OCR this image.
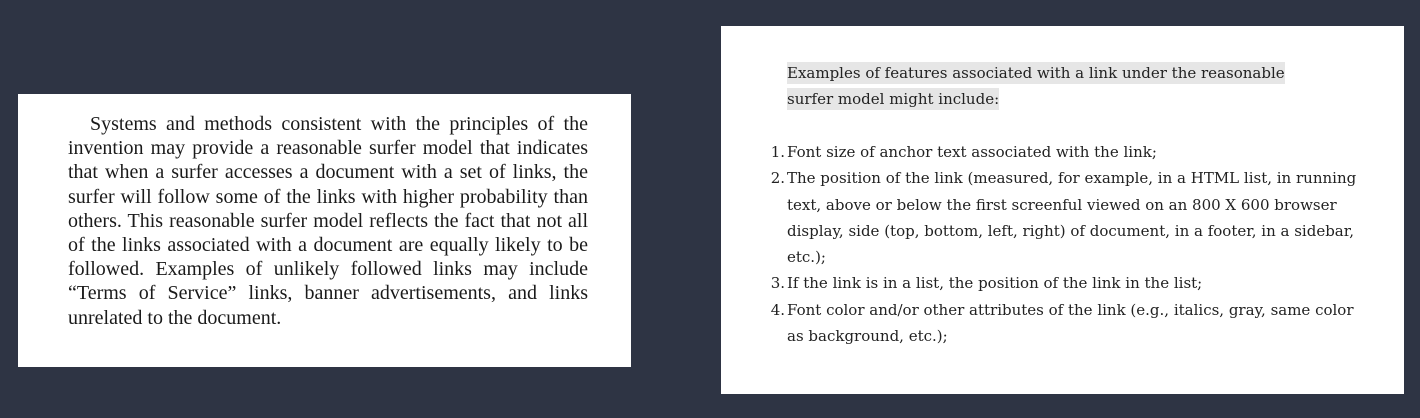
Systems and methods consistent with the principles of the invention may provide a reasonable surfer model that indicates that when a surfer accesses a document with a set of links, the surfer will follow some of the links with higher probability than others. This reasonable surfer model reflects the fact that not all of the links associated with a document are equally likely to be followed. Examples of unlikely followed links may include “Terms of Service” links, banner advertisements, and links unrelated to the document.

Examples of features associated with a link under the reasonable surfer model might include:

1. Font size of anchor text associated with the link;
2. The position of the link (measured, for example, in a HTML list, in running text, above or below the first screenful viewed on an 800 X 600 browser display, side (top, bottom, left, right) of document, in a footer, in a sidebar, etc.);
3. If the link is in a list, the position of the link in the list;
4. Font color and/or other attributes of the link (e.g., italics, gray, same color as background, etc.);
